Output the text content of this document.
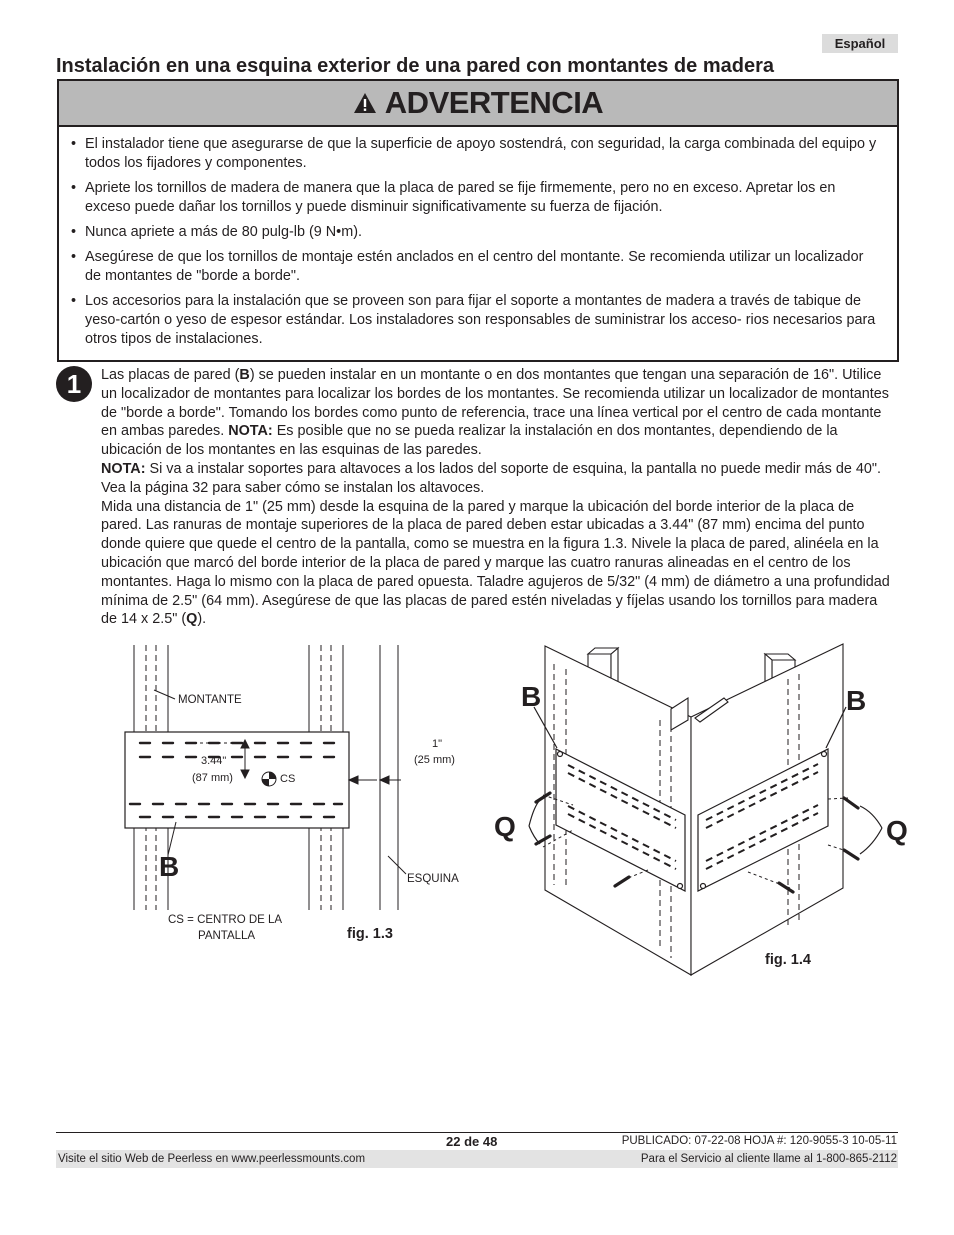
Español
Instalación en una esquina exterior de una pared con montantes de madera
ADVERTENCIA
• El instalador tiene que asegurarse de que la superficie de apoyo sostendrá, con seguridad, la carga combinada del equipo y todos los fijadores y componentes.
• Apriete los tornillos de madera de manera que la placa de pared se fije firmemente, pero no en exceso. Apretar los en exceso puede dañar los tornillos y puede disminuir significativamente su fuerza de fijación.
• Nunca apriete a más de 80 pulg-lb (9 N•m).
• Asegúrese de que los tornillos de montaje estén anclados en el centro del montante. Se recomienda utilizar un localizador de montantes de "borde a borde".
• Los accesorios para la instalación que se proveen son para fijar el soporte a montantes de madera a través de tabique de yeso-cartón o yeso de espesor estándar. Los instaladores son responsables de suministrar los acceso- rios necesarios para otros tipos de instalaciones.
1	Las placas de pared (B) se pueden instalar en un montante o en dos montantes que tengan una separación de 16". Utilice un localizador de montantes para localizar los bordes de los montantes. Se recomienda utilizar un localizador de montantes de "borde a borde". Tomando los bordes como punto de referencia, trace una línea vertical por el centro de cada montante en ambas paredes. NOTA: Es posible que no se pueda realizar la instalación en dos montantes, dependiendo de la ubicación de los montantes en las esquinas de las paredes.
NOTA: Si va a instalar soportes para altavoces a los lados del soporte de esquina, la pantalla no puede medir más de 40". Vea la página 32 para saber cómo se instalan los altavoces.

Mida una distancia de 1" (25 mm) desde la esquina de la pared y marque la ubicación del borde interior de la placa de pared. Las ranuras de montaje superiores de la placa de pared deben estar ubicadas a 3.44" (87 mm) encima del punto donde quiere que quede el centro de la pantalla, como se muestra en la figura 1.3. Nivele la placa de pared, alinéela en la ubicación que marcó del borde interior de la placa de pared y marque las cuatro ranuras alineadas en el centro de los montantes. Haga lo mismo con la placa de pared opuesta. Taladre agujeros de 5/32" (4 mm) de diámetro a una profundidad mínima de 2.5" (64 mm). Asegúrese de que las placas de pared estén niveladas y fíjelas usando los tornillos para madera de 14 x 2.5" (Q).

MONTANTE
3.44"
(87 mm)	CS
1"
(25 mm)
B	ESQUINA
CS = CENTRO DE LA
PANTALLA	fig. 1.3
B	B
Q	Q
fig. 1.4
22 de 48	PUBLICADO: 07-22-08 HOJA #: 120-9055-3 10-05-11
Visite el sitio Web de Peerless en www.peerlessmounts.com	Para el Servicio al cliente llame al 1-800-865-2112
